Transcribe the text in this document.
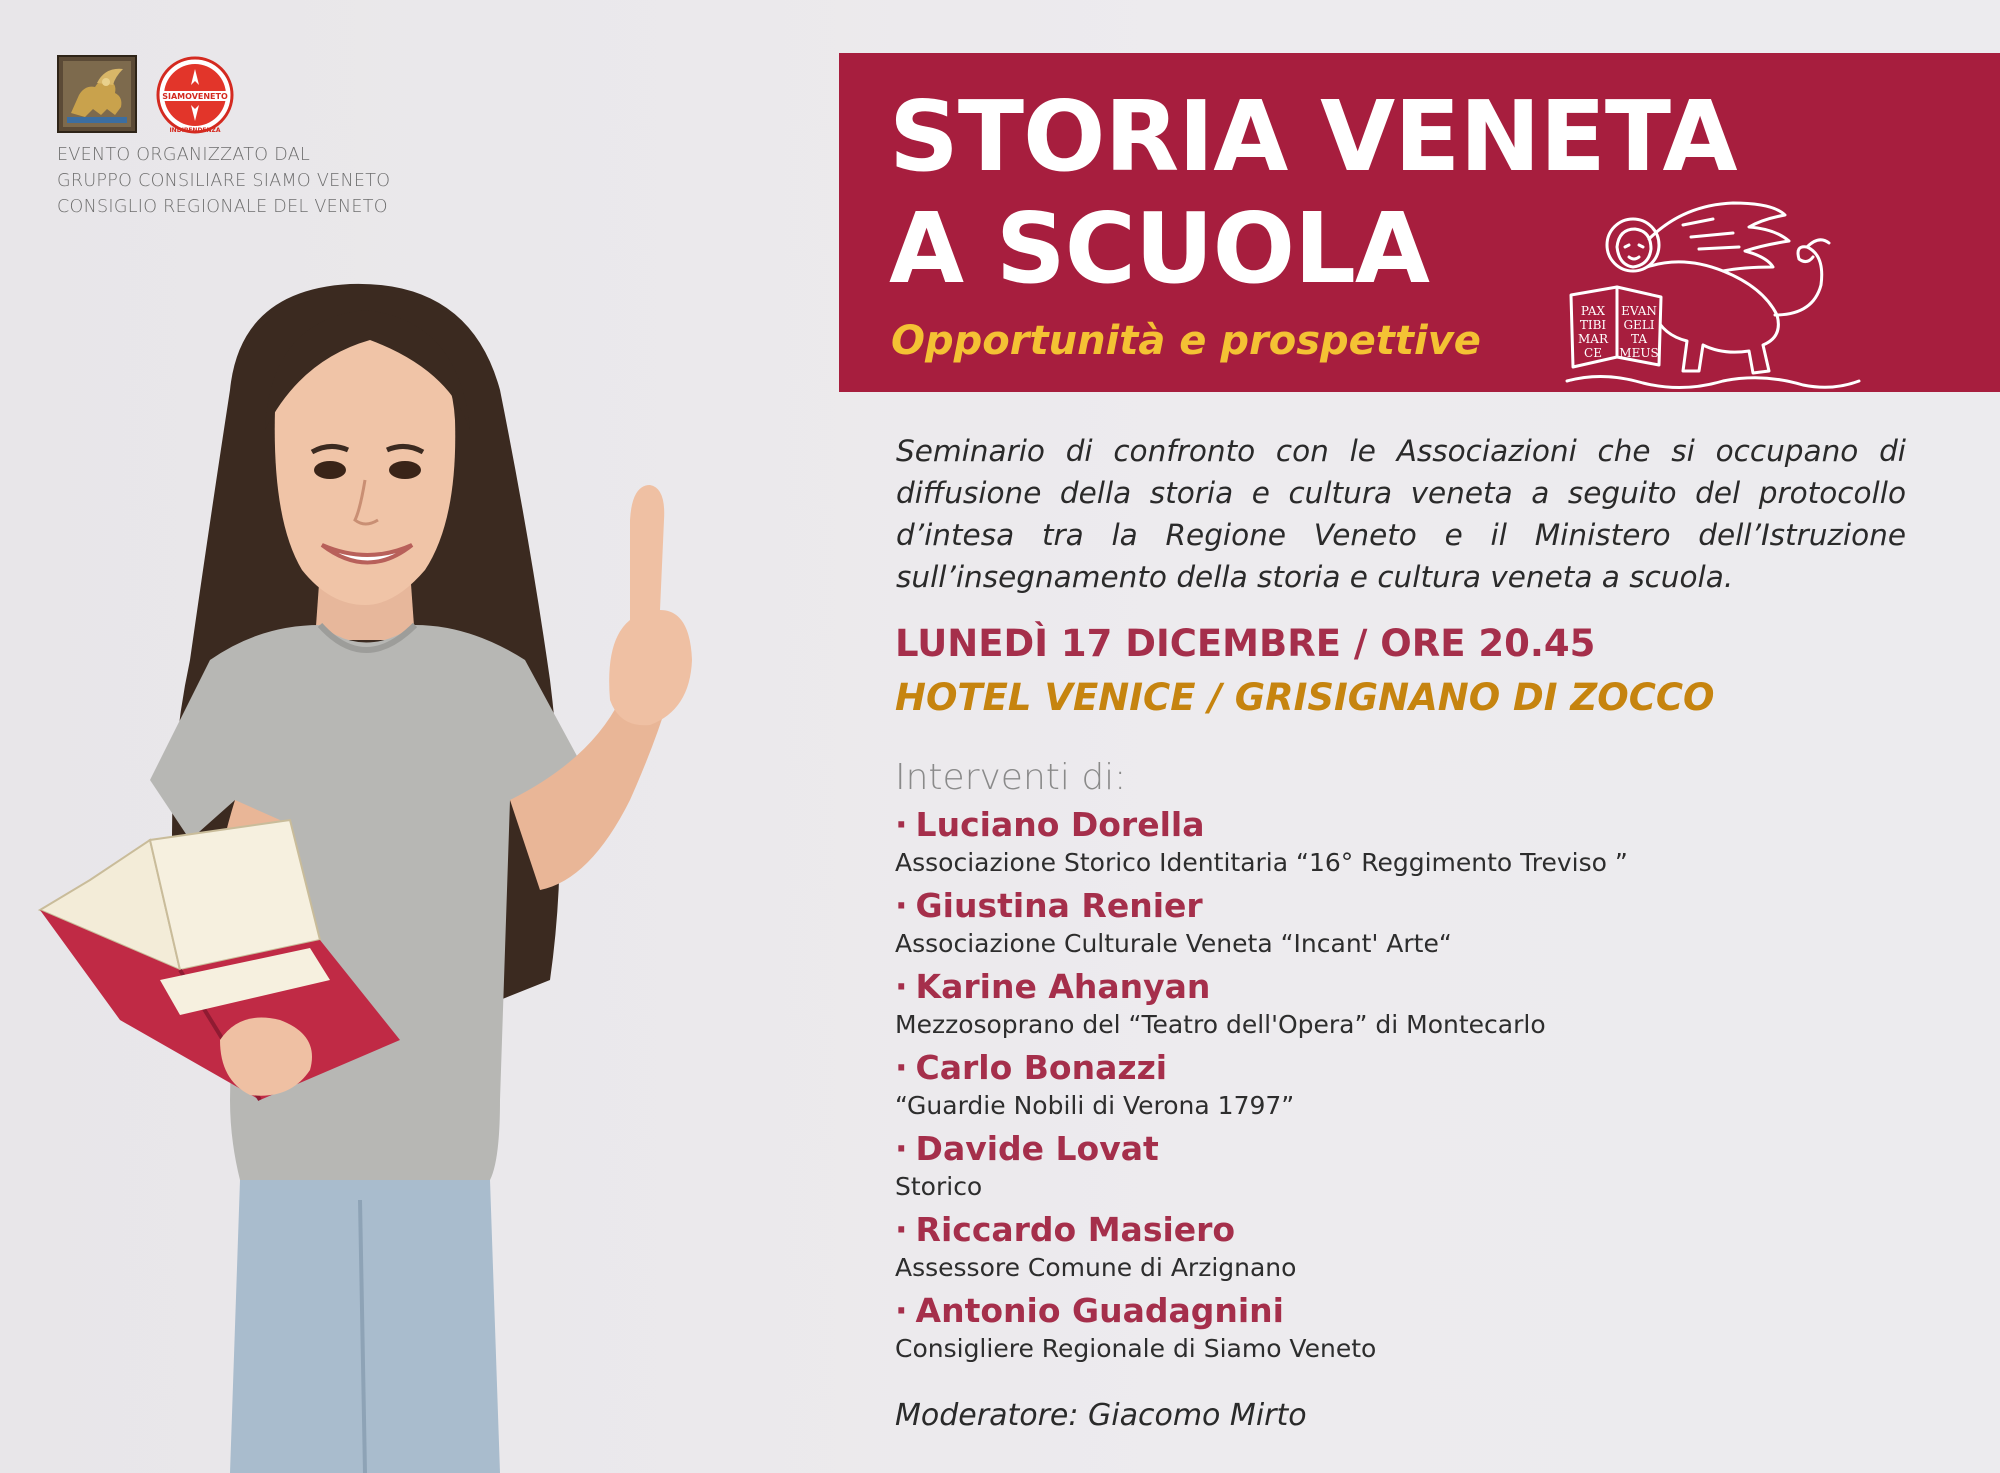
SIAMOVENETO
INDIPENDENZA
EVENTO ORGANIZZATO DAL
GRUPPO CONSILIARE SIAMO VENETO
CONSIGLIO REGIONALE DEL VENETO
STORIA VENETA
A SCUOLA
Opportunità e prospettive
PAX
TIBI
MAR
CE
EVAN
GELI
TA
MEUS

Seminario di confronto con le Associazioni che si occupano di diffusione della storia e cultura veneta a seguito del protocollo d’intesa tra la Regione Veneto e il Ministero dell’Istruzione sull’insegnamento della storia e cultura veneta a scuola.

LUNEDÌ 17 DICEMBRE / ORE 20.45
HOTEL VENICE / GRISIGNANO DI ZOCCO
Interventi di:
· Luciano Dorella
Associazione Storico Identitaria “16° Reggimento Treviso ”
· Giustina Renier
Associazione Culturale Veneta “Incant' Arte“
· Karine Ahanyan
Mezzosoprano del “Teatro dell'Opera” di Montecarlo
· Carlo Bonazzi
“Guardie Nobili di Verona 1797”
· Davide Lovat
Storico
· Riccardo Masiero
Assessore Comune di Arzignano
· Antonio Guadagnini
Consigliere Regionale di Siamo Veneto
Moderatore: Giacomo Mirto
